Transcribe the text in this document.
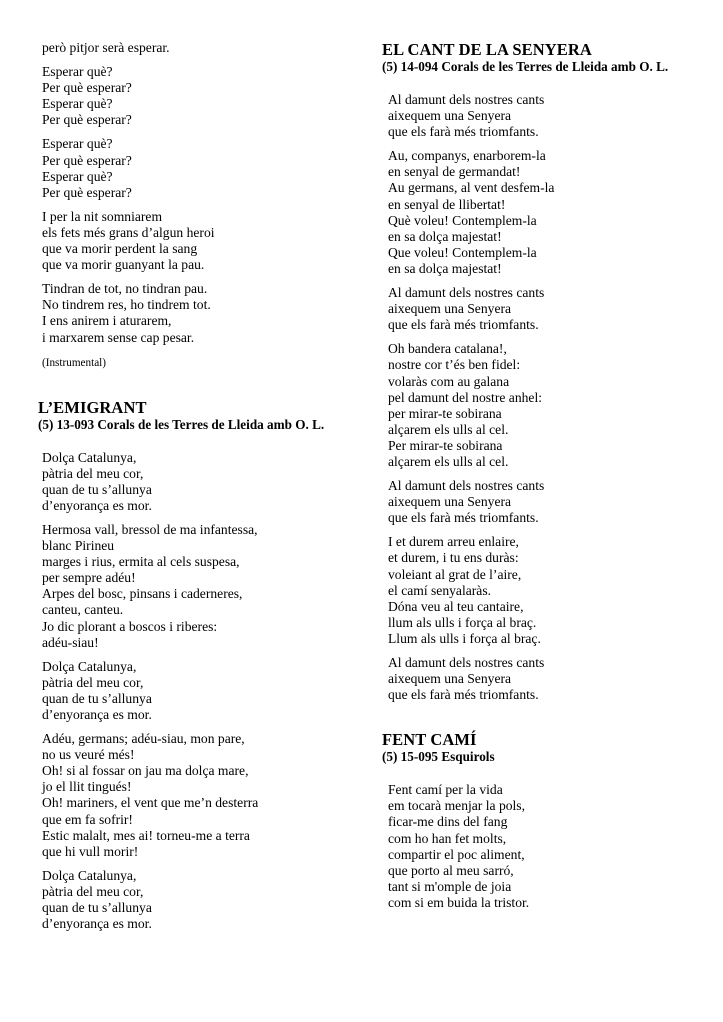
però pitjor serà esperar.
Esperar què?
Per què esperar?
Esperar què?
Per què esperar?
Esperar què?
Per què esperar?
Esperar què?
Per què esperar?
I per la nit somniarem
els fets més grans d’algun heroi
que va morir perdent la sang
que va morir guanyant la pau.
Tindran de tot, no tindran pau.
No tindrem res, ho tindrem tot.
I ens anirem i aturarem,
i marxarem sense cap pesar.
(Instrumental)
L’EMIGRANT
(5) 13-093 Corals de les Terres de Lleida amb O. L.
Dolça Catalunya,
pàtria del meu cor,
quan de tu s’allunya
d’enyorança es mor.
Hermosa vall, bressol de ma infantessa,
blanc Pirineu
marges i rius, ermita al cels suspesa,
per sempre adéu!
Arpes del bosc, pinsans i caderneres,
canteu, canteu.
Jo dic plorant a boscos i riberes:
adéu-siau!
Dolça Catalunya,
pàtria del meu cor,
quan de tu s’allunya
d’enyorança es mor.
Adéu, germans; adéu-siau, mon pare,
no us veuré més!
Oh! si al fossar on jau ma dolça mare,
jo el llit tingués!
Oh! mariners, el vent que me’n desterra
que em fa sofrir!
Estic malalt, mes ai! torneu-me a terra
que hi vull morir!
Dolça Catalunya,
pàtria del meu cor,
quan de tu s’allunya
d’enyorança es mor.
EL CANT DE LA SENYERA
(5) 14-094 Corals de les Terres de Lleida amb O. L.
Al damunt dels nostres cants
aixequem una Senyera
que els farà més triomfants.
Au, companys, enarborem-la
en senyal de germandat!
Au germans, al vent desfem-la
en senyal de llibertat!
Què voleu! Contemplem-la
en sa dolça majestat!
Que voleu! Contemplem-la
en sa dolça majestat!
Al damunt dels nostres cants
aixequem una Senyera
que els farà més triomfants.
Oh bandera catalana!,
nostre cor t’és ben fidel:
volaràs com au galana
pel damunt del nostre anhel:
per mirar-te sobirana
alçarem els ulls al cel.
Per mirar-te sobirana
alçarem els ulls al cel.
Al damunt dels nostres cants
aixequem una Senyera
que els farà més triomfants.
I et durem arreu enlaire,
et durem, i tu ens duràs:
voleiant al grat de l’aire,
el camí senyalaràs.
Dóna veu al teu cantaire,
llum als ulls i força al braç.
Llum als ulls i força al braç.
Al damunt dels nostres cants
aixequem una Senyera
que els farà més triomfants.
FENT CAMÍ
(5) 15-095 Esquirols
Fent camí per la vida
em tocarà menjar la pols,
ficar-me dins del fang
com ho han fet molts,
compartir el poc aliment,
que porto al meu sarró,
tant si m'omple de joia
com si em buida la tristor.
